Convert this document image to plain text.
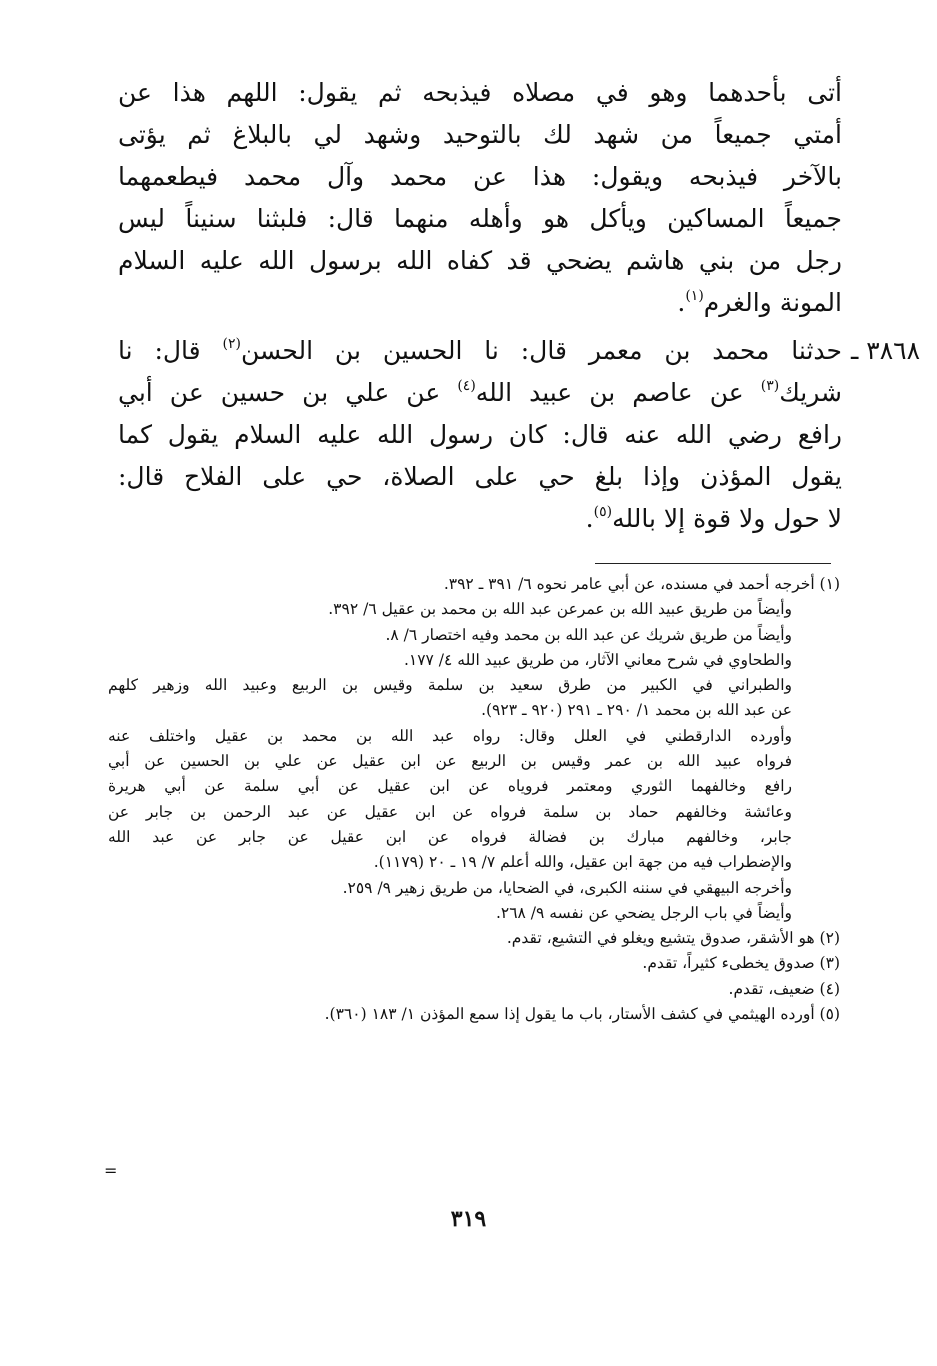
أتى بأحدهما وهو في مصلاه فيذبحه ثم يقول: اللهم هذا عن
أمتي جميعاً من شهد لك بالتوحيد وشهد لي بالبلاغ ثم يؤتى
بالآخر فيذبحه ويقول: هذا عن محمد وآل محمد فيطعمهما
جميعاً المساكين ويأكل هو وأهله منهما قال: فلبثنا سنيناً ليس
رجل من بني هاشم يضحي قد كفاه الله برسول الله عليه السلام
المونة والغرم$^{(١)}$.
٣٨٦٨ ـ
حدثنا محمد بن معمر قال: نا الحسين بن الحسن$^{(٢)}$ قال: نا
شريك$^{(٣)}$ عن عاصم بن عبيد الله$^{(٤)}$ عن علي بن حسين عن أبي
رافع رضي الله عنه قال: كان رسول الله عليه السلام يقول كما
يقول المؤذن وإذا بلغ حي على الصلاة، حي على الفلاح قال:
لا حول ولا قوة إلا بالله$^{(٥)}$.
(١) أخرجه أحمد في مسنده، عن أبي عامر نحوه ٦/ ٣٩١ ـ ٣٩٢.
وأيضاً من طريق عبيد الله بن عمرعن عبد الله بن محمد بن عقيل ٦/ ٣٩٢.
وأيضاً من طريق شريك عن عبد الله بن محمد وفيه اختصار ٦/ ٨.
والطحاوي في شرح معاني الآثار، من طريق عبيد الله ٤/ ١٧٧.
والطبراني في الكبير من طرق سعيد بن سلمة وقيس بن الربيع وعبيد الله وزهير كلهم
عن عبد الله بن محمد ١/ ٢٩٠ ـ ٢٩١ (٩٢٠ ـ ٩٢٣).
وأورده الدارقطني في العلل وقال: رواه عبد الله بن محمد بن عقيل واختلف عنه
فرواه عبيد الله بن عمر وقيس بن الربيع عن ابن عقيل عن علي بن الحسين عن أبي
رافع وخالفهما الثوري ومعتمر فروياه عن ابن عقيل عن أبي سلمة عن أبي هريرة
وعائشة وخالفهم حماد بن سلمة فرواه عن ابن عقيل عن عبد الرحمن بن جابر عن
جابر، وخالفهم مبارك بن فضالة فرواه عن ابن عقيل عن جابر عن عبد الله
والإضطراب فيه من جهة ابن عقيل، والله أعلم ٧/ ١٩ ـ ٢٠ (١١٧٩).
وأخرجه البيهقي في سننه الكبرى، في الضحايا، من طريق زهير ٩/ ٢٥٩.
وأيضاً في باب الرجل يضحي عن نفسه ٩/ ٢٦٨.
(٢) هو الأشقر، صدوق يتشيع ويغلو في التشيع، تقدم.
(٣) صدوق يخطىء كثيراً، تقدم.
(٤) ضعيف، تقدم.
(٥) أورده الهيثمي في كشف الأستار، باب ما يقول إذا سمع المؤذن ١/ ١٨٣ (٣٦٠).
=
٣١٩
